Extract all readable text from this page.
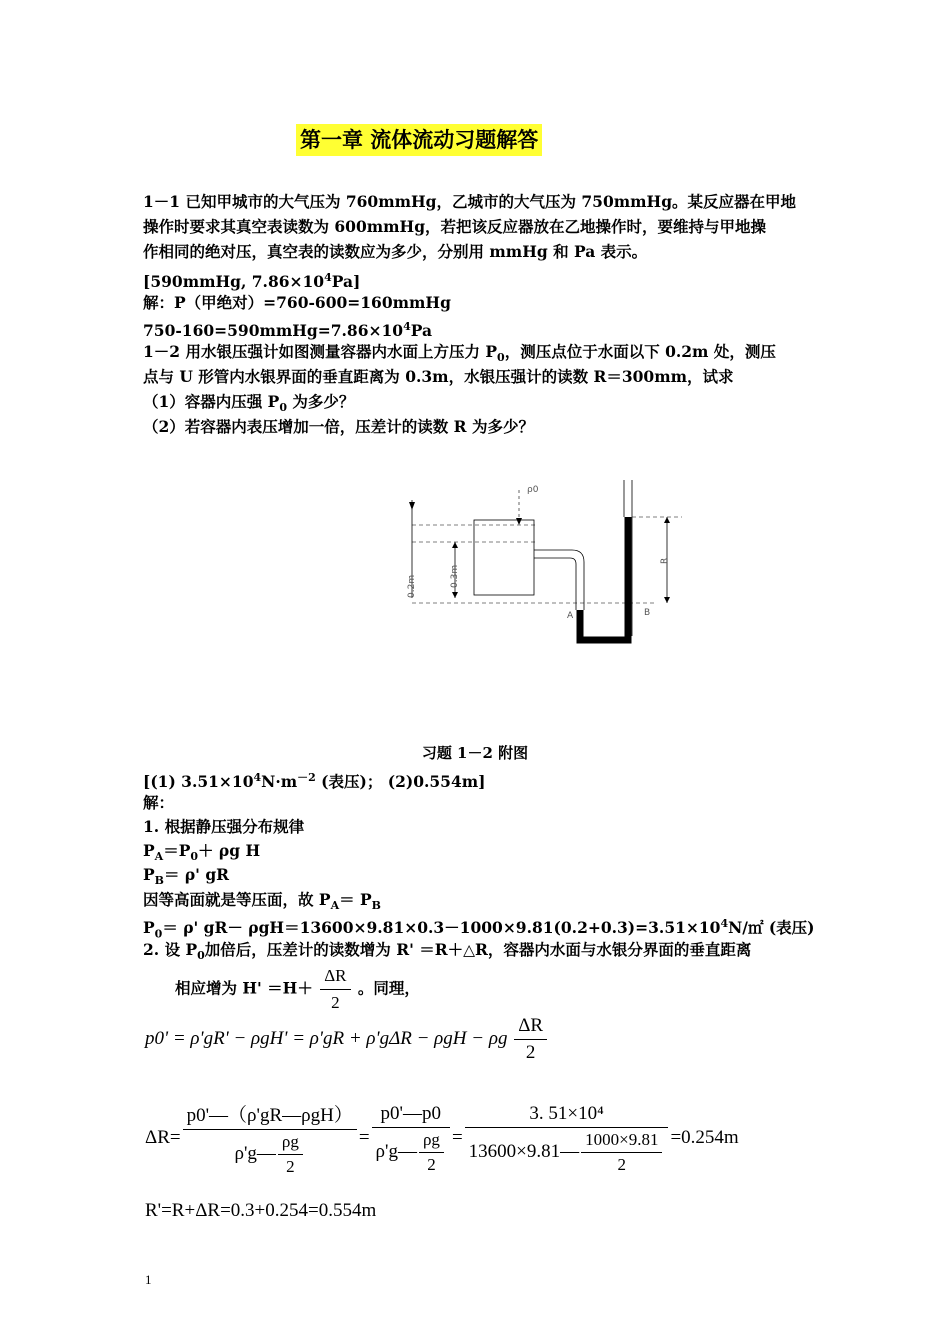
第一章 流体流动习题解答
1－1 已知甲城市的大气压为 760mmHg，乙城市的大气压为 750mmHg。某反应器在甲地
操作时要求其真空表读数为 600mmHg，若把该反应器放在乙地操作时，要维持与甲地操
作相同的绝对压，真空表的读数应为多少，分别用 mmHg 和 Pa 表示。
[590mmHg, $7.86\times 10^4Pa$]
解：P（甲绝对）=760-600=160mmHg
$750-160=590mmHg=7.86\times 10^4Pa$
1－2 用水银压强计如图测量容器内水面上方压力 $P_0$，测压点位于水面以下 0.2m 处，测压
点与 U 形管内水银界面的垂直距离为 0.3m，水银压强计的读数 R＝300mm，试求
（1）容器内压强 $P_0$ 为多少？
（2）若容器内表压增加一倍，压差计的读数 R 为多少？
ρ0
R
0.2m	0.3m
A	B
习题 1－2 附图
[(1) $3.51\times 10^4N\cdot m^{-2}$ (表压)； (2)0.554m]
解：
1. 根据静压强分布规律
$P_A=P_0+ \rho g$ H
$P_B= \rho'$ gR
因等高面就是等压面，故 $P_A= P_B$
$P_0= \rho'$ $gR- \rho gH=13600\times 9.81\times 0.3-1000\times 9.81(0.2+0.3)=3.51\times 10^4N/㎡$ (表压)
2. 设 $P_0$加倍后，压差计的读数增为 R' ＝R＋△R，容器内水面与水银分界面的垂直距离
相应增为 $H' =H+ \frac{\Delta R}{2}$ 。同理，
p0' = ρ'gR' − ρgH' = ρ'gR + ρ'gΔR − ρgH − ρg $\frac{\Delta R}{2}$
$\Delta R= \frac{\text{p0'—（ρ'gR—ρgH）}}{\rho'g— \frac{\rho g}{2}} = \frac{p0'—p0}{\rho'g— \frac{\rho g}{2}} = \frac{\text{3. 51×10⁴}}{13600\times 9.81— \frac{1000\times 9.81}{2}} =0.254m$
R'=R+ΔR=0.3+0.254=0.554m
1
